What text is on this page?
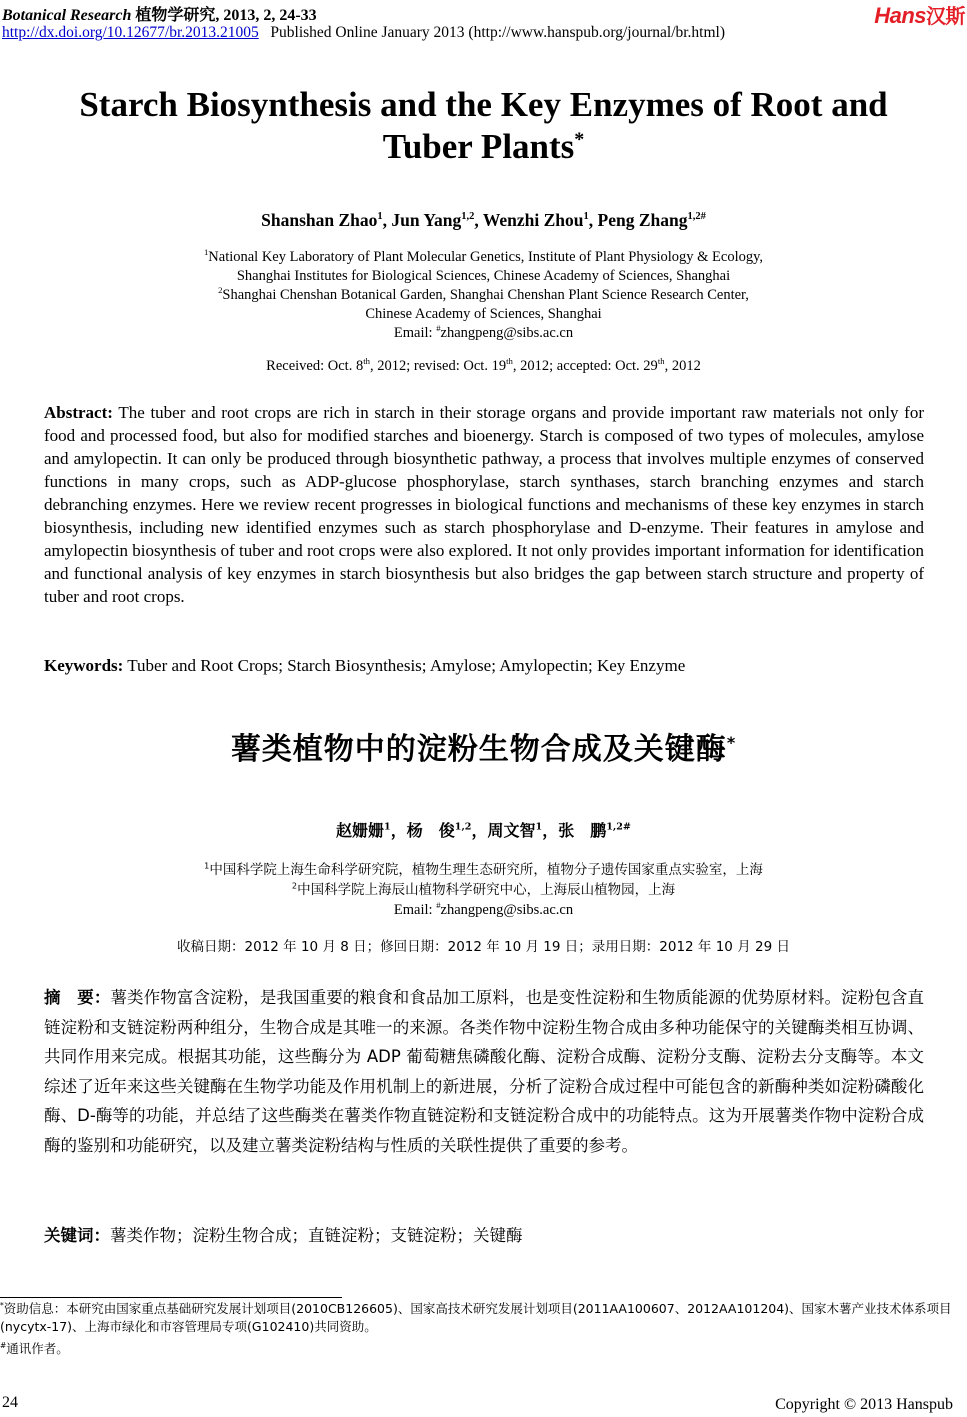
Botanical Research 植物学研究, 2013, 2, 24-33
http://dx.doi.org/10.12677/br.2013.21005 Published Online January 2013 (http://www.hanspub.org/journal/br.html)
Hans汉斯
Starch Biosynthesis and the Key Enzymes of Root and
Tuber Plants*
Shanshan Zhao$^1$, Jun Yang$^{1,2}$, Wenzhi Zhou$^1$, Peng Zhang$^{1,2\#}$
$^1$National Key Laboratory of Plant Molecular Genetics, Institute of Plant Physiology & Ecology,
Shanghai Institutes for Biological Sciences, Chinese Academy of Sciences, Shanghai
$^2$Shanghai Chenshan Botanical Garden, Shanghai Chenshan Plant Science Research Center,
Chinese Academy of Sciences, Shanghai
Email: #zhangpeng@sibs.ac.cn
Received: Oct. 8th, 2012; revised: Oct. 19th, 2012; accepted: Oct. 29th, 2012
Abstract: The tuber and root crops are rich in starch in their storage organs and provide important raw materials not only for food and processed food, but also for modified starches and bioenergy. Starch is composed of two types of molecules, amylose and amylopectin. It can only be produced through biosynthetic pathway, a process that involves multiple enzymes of conserved functions in many crops, such as ADP-glucose phosphorylase, starch synthases, starch branching enzymes and starch debranching enzymes. Here we review recent progresses in biological functions and mechanisms of these key enzymes in starch biosynthesis, including new identified enzymes such as starch phosphorylase and D-enzyme. Their features in amylose and amylopectin biosynthesis of tuber and root crops were also explored. It not only provides important information for identification and functional analysis of key enzymes in starch biosynthesis but also bridges the gap between starch structure and property of tuber and root crops.
Keywords: Tuber and Root Crops; Starch Biosynthesis; Amylose; Amylopectin; Key Enzyme
薯类植物中的淀粉生物合成及关键酶*
赵姗姗$^1$，杨　俊$^{1,2}$，周文智$^1$，张　鹏$^{1,2\#}$
$^1$中国科学院上海生命科学研究院，植物生理生态研究所，植物分子遗传国家重点实验室，上海
$^2$中国科学院上海辰山植物科学研究中心，上海辰山植物园，上海
Email: #zhangpeng@sibs.ac.cn
收稿日期：2012 年 10 月 8 日；修回日期：2012 年 10 月 19 日；录用日期：2012 年 10 月 29 日
摘　要：薯类作物富含淀粉，是我国重要的粮食和食品加工原料，也是变性淀粉和生物质能源的优势原材料。淀粉包含直链淀粉和支链淀粉两种组分，生物合成是其唯一的来源。各类作物中淀粉生物合成由多种功能保守的关键酶类相互协调、共同作用来完成。根据其功能，这些酶分为 ADP 葡萄糖焦磷酸化酶、淀粉合成酶、淀粉分支酶、淀粉去分支酶等。本文综述了近年来这些关键酶在生物学功能及作用机制上的新进展，分析了淀粉合成过程中可能包含的新酶种类如淀粉磷酸化酶、D-酶等的功能，并总结了这些酶类在薯类作物直链淀粉和支链淀粉合成中的功能特点。这为开展薯类作物中淀粉合成酶的鉴别和功能研究，以及建立薯类淀粉结构与性质的关联性提供了重要的参考。
关键词：薯类作物；淀粉生物合成；直链淀粉；支链淀粉；关键酶
*资助信息：本研究由国家重点基础研究发展计划项目(2010CB126605)、国家高技术研究发展计划项目(2011AA100607、2012AA101204)、国家木薯产业技术体系项目(nycytx-17)、上海市绿化和市容管理局专项(G102410)共同资助。
#通讯作者。
24	Copyright © 2013 Hanspub
